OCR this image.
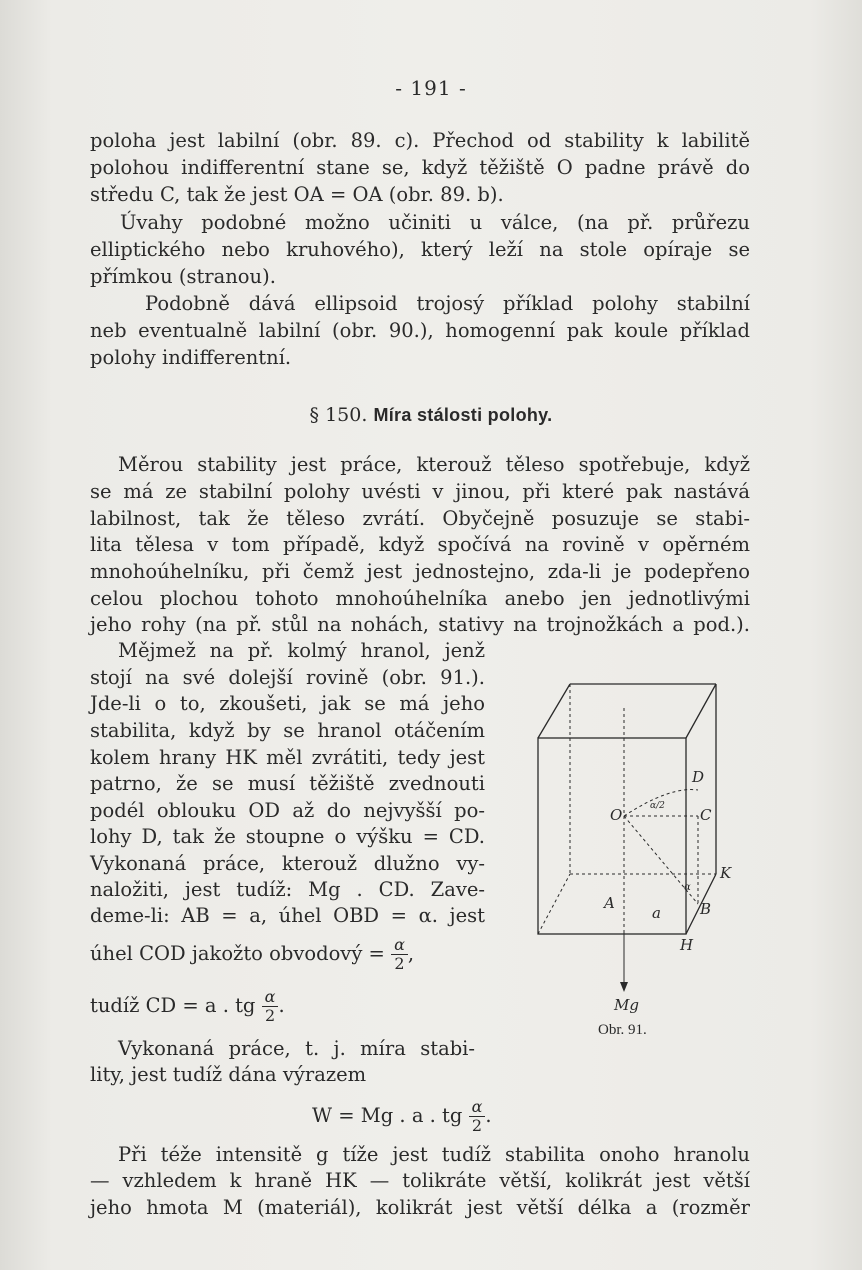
- 191 -
poloha jest labilní (obr. 89. c). Přechod od stability k labilitě
polohou indifferentní stane se, když těžiště O padne právě do
středu C, tak že jest OA = OA (obr. 89. b).
Úvahy podobné možno učiniti u válce, (na př. průřezu
elliptického nebo kruhového), který leží na stole opíraje se
přímkou (stranou).
Podobně dává ellipsoid trojosý příklad polohy stabilní
neb eventualně labilní (obr. 90.), homogenní pak koule příklad
polohy indifferentní.
§ 150. Míra stálosti polohy.
Měrou stability jest práce, kterouž těleso spotřebuje, když
se má ze stabilní polohy uvésti v jinou, při které pak nastává
labilnost, tak že těleso zvrátí. Obyčejně posuzuje se stabi-
lita tělesa v tom případě, když spočívá na rovině v opěrném
mnohoúhelníku, při čemž jest jednostejno, zda-li je podepřeno
celou plochou tohoto mnohoúhelníka anebo jen jednotlivými
jeho rohy (na př. stůl na nohách, stativy na trojnožkách a pod.).
Mějmež na př. kolmý hranol, jenž
stojí na své dolejší rovině (obr. 91.).
Jde-li o to, zkoušeti, jak se má jeho
stabilita, když by se hranol otáčením
kolem hrany HK měl zvrátiti, tedy jest
patrno, že se musí těžiště zvednouti
podél oblouku OD až do nejvyšší po-
lohy D, tak že stoupne o výšku = CD.
Vykonaná práce, kterouž dlužno vy-
naložiti, jest tudíž: Mg . CD. Zave-
deme-li: AB = a, úhel OBD = α. jest
úhel COD jakožto obvodový = $\frac{\alpha}{2}$ ,
tudíž CD = a . tg $\frac{\alpha}{2}$ .
Vykonaná práce, t. j. míra stabi-
lity, jest tudíž dána výrazem
W = Mg . a . tg $\frac{\alpha}{2}$ .
Při téže intensitě g tíže jest tudíž stabilita onoho hranolu
— vzhledem k hraně HK — tolikráte větší, kolikrát jest větší
jeho hmota M (materiál), kolikrát jest větší délka a (rozměr
D
O	C
K
A
a	B
H
Mg
α
α/2
Obr. 91.
